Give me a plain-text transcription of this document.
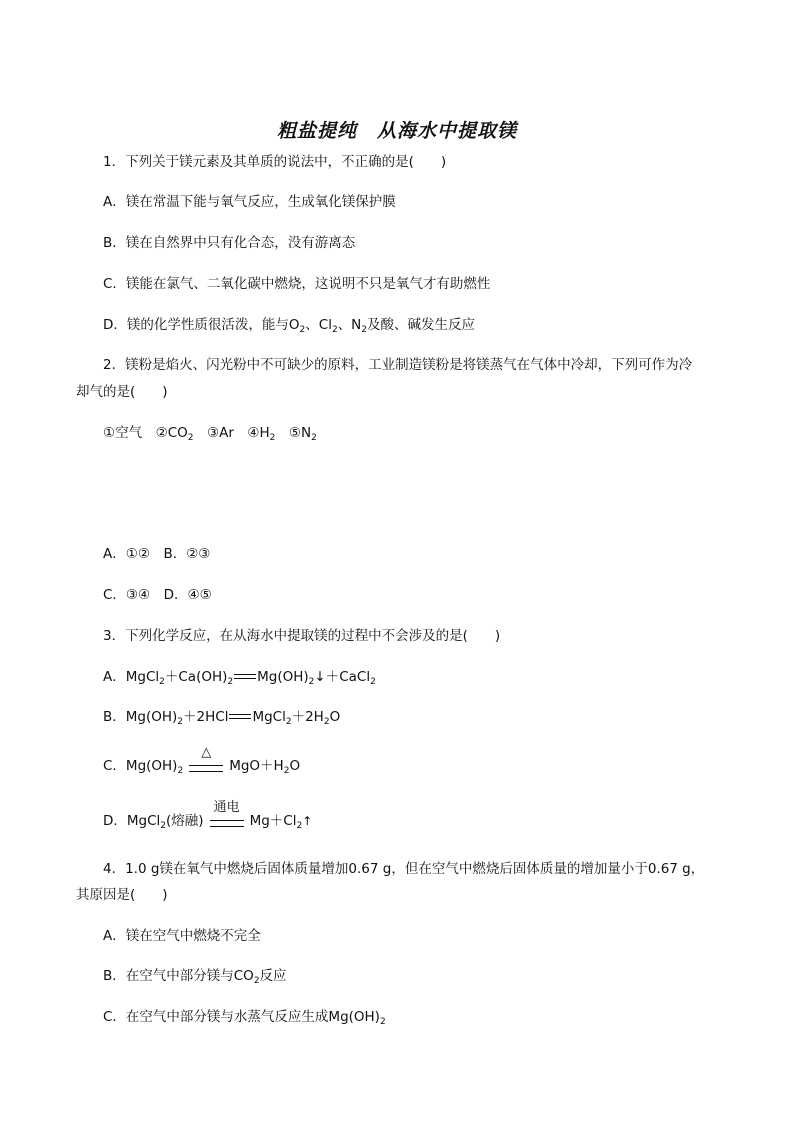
粗盐提纯　从海水中提取镁
1．下列关于镁元素及其单质的说法中，不正确的是(　　)
A．镁在常温下能与氧气反应，生成氧化镁保护膜
B．镁在自然界中只有化合态，没有游离态
C．镁能在氯气、二氧化碳中燃烧，这说明不只是氧气才有助燃性
D．镁的化学性质很活泼，能与$O_2$、$Cl_2$、$N_2$及酸、碱发生反应
2．镁粉是焰火、闪光粉中不可缺少的原料，工业制造镁粉是将镁蒸气在气体中冷却，下列可作为冷
却气的是(　　)
①空气　$②CO_2$　③Ar　$④H_2$　$⑤N_2$
A．①②　B．②③
C．③④　D．④⑤
3．下列化学反应，在从海水中提取镁的过程中不会涉及的是(　　)
A．$MgCl_2+Ca(OH)_2$ $Mg(OH)_2↓+CaCl_2$
B．$Mg(OH)_2+2HCl$ $MgCl_2+2H_2O$
C．$Mg(OH)_2$
△
$MgO+H_2O$
D．MgCl$_2$(熔融)
通电
$Mg+Cl_2↑$
4．1.0 g镁在氧气中燃烧后固体质量增加0.67 g，但在空气中燃烧后固体质量的增加量小于0.67 g，
其原因是(　　)
A．镁在空气中燃烧不完全
B．在空气中部分镁与$CO_2$反应
C．在空气中部分镁与水蒸气反应生成$Mg(OH)_2$
